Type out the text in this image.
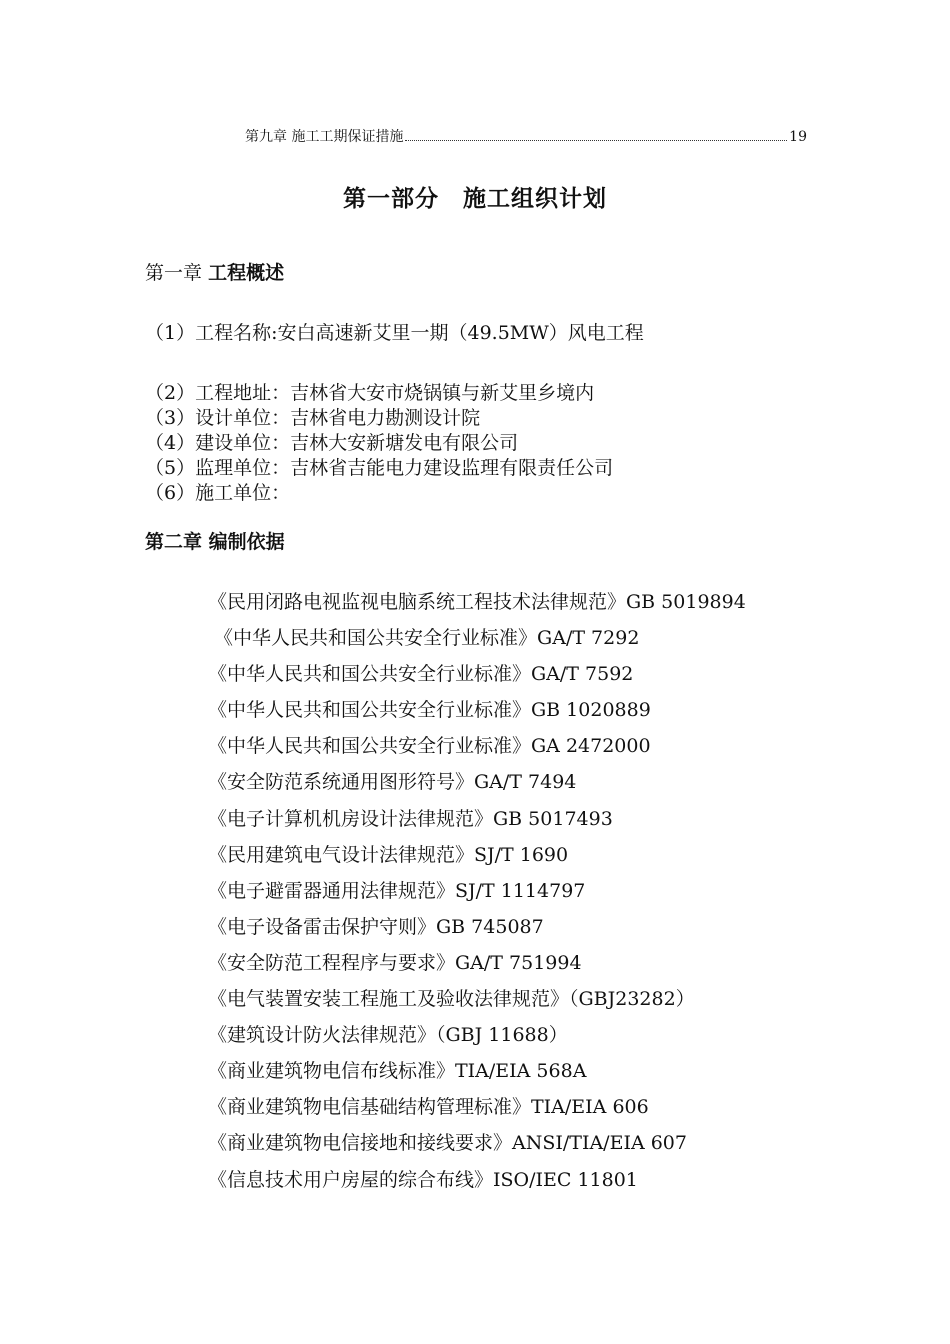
第九章 施工工期保证措施	19
第一部分　施工组织计划
第一章 工程概述
（1）工程名称:安白高速新艾里一期（49.5MW）风电工程
（2）工程地址：吉林省大安市烧锅镇与新艾里乡境内
（3）设计单位：吉林省电力勘测设计院
（4）建设单位：吉林大安新塘发电有限公司
（5）监理单位：吉林省吉能电力建设监理有限责任公司
（6）施工单位：
第二章 编制依据
《民用闭路电视监视电脑系统工程技术法律规范》GB 5019894
《中华人民共和国公共安全行业标准》GA/T 7292
《中华人民共和国公共安全行业标准》GA/T 7592
《中华人民共和国公共安全行业标准》GB 1020889
《中华人民共和国公共安全行业标准》GA 2472000
《安全防范系统通用图形符号》GA/T 7494
《电子计算机机房设计法律规范》GB 5017493
《民用建筑电气设计法律规范》SJ/T 1690
《电子避雷器通用法律规范》SJ/T 1114797
《电子设备雷击保护守则》GB 745087
《安全防范工程程序与要求》GA/T 751994
《电气装置安装工程施工及验收法律规范》（GBJ23282）
《建筑设计防火法律规范》（GBJ 11688）
《商业建筑物电信布线标准》TIA/EIA 568A
《商业建筑物电信基础结构管理标准》TIA/EIA 606
《商业建筑物电信接地和接线要求》ANSI/TIA/EIA 607
《信息技术用户房屋的综合布线》ISO/IEC 11801
